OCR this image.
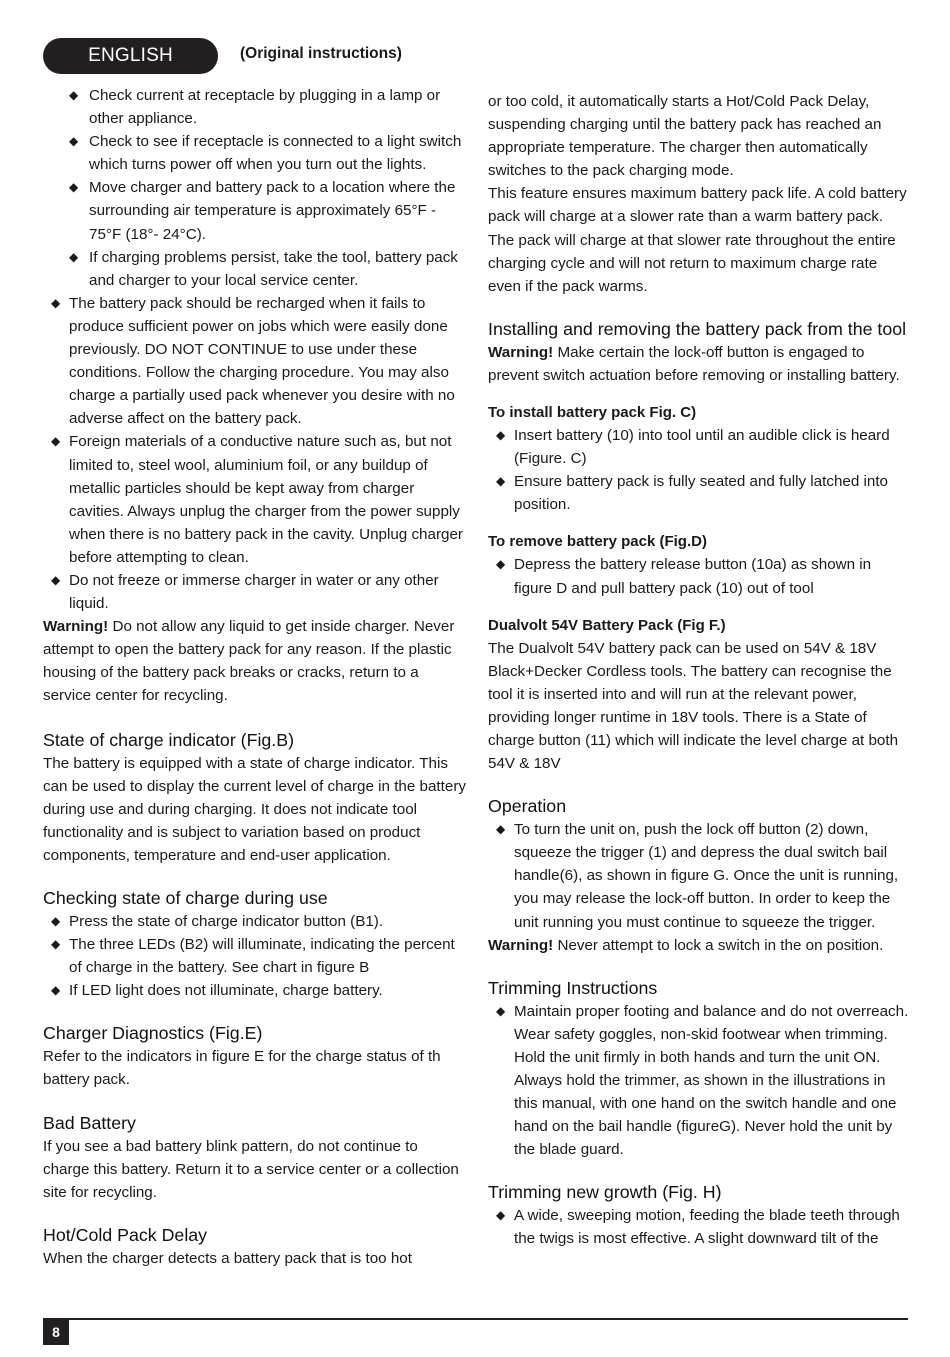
ENGLISH	(Original instructions)
◆ Check current at receptacle by plugging in a lamp or other appliance.
◆ Check to see if receptacle is connected to a light switch which turns power off when you turn out the lights.
◆ Move charger and battery pack to a location where the surrounding air temperature is approximately 65°F - 75°F (18°- 24°C).
◆ If charging problems persist, take the tool, battery pack and charger to your local service center.
◆ The battery pack should be recharged when it fails to produce sufficient power on jobs which were easily done previously. DO NOT CONTINUE to use under these conditions. Follow the charging procedure. You may also charge a partially used pack whenever you desire with no adverse affect on the battery pack.
◆ Foreign materials of a conductive nature such as, but not limited to, steel wool, aluminium foil, or any buildup of metallic particles should be kept away from charger cavities. Always unplug the charger from the power supply when there is no battery pack in the cavity. Unplug charger before attempting to clean.
◆ Do not freeze or immerse charger in water or any other liquid.

Warning! Do not allow any liquid to get inside charger. Never attempt to open the battery pack for any reason. If the plastic housing of the battery pack breaks or cracks, return to a service center for recycling.

State of charge indicator (Fig.B)

The battery is equipped with a state of charge indicator. This can be used to display the current level of charge in the battery during use and during charging. It does not indicate tool functionality and is subject to variation based on product components, temperature and end-user application.

Checking state of charge during use
◆ Press the state of charge indicator button (B1).
◆ The three LEDs (B2) will illuminate, indicating the percent of charge in the battery. See chart in figure B
◆ If LED light does not illuminate, charge battery.
Charger Diagnostics (Fig.E)

Refer to the indicators in figure E for the charge status of th battery pack.

Bad Battery

If you see a bad battery blink pattern, do not continue to charge this battery. Return it to a service center or a collection site for recycling.

Hot/Cold Pack Delay

When the charger detects a battery pack that is too hot

or too cold, it automatically starts a Hot/Cold Pack Delay, suspending charging until the battery pack has reached an appropriate temperature. The charger then automatically switches to the pack charging mode.

This feature ensures maximum battery pack life. A cold battery pack will charge at a slower rate than a warm battery pack. The pack will charge at that slower rate throughout the entire charging cycle and will not return to maximum charge rate even if the pack warms.

Installing and removing the battery pack from the tool

Warning! Make certain the lock-off button is engaged to prevent switch actuation before removing or installing battery.

To install battery pack Fig. C)
◆ Insert battery (10) into tool until an audible click is heard (Figure. C)
◆ Ensure battery pack is fully seated and fully latched into position.
To remove battery pack (Fig.D)
◆ Depress the battery release button (10a) as shown in figure D and pull battery pack (10) out of tool
Dualvolt 54V Battery Pack (Fig F.)

The Dualvolt 54V battery pack can be used on 54V & 18V Black+Decker Cordless tools. The battery can recognise the tool it is inserted into and will run at the relevant power, providing longer runtime in 18V tools. There is a State of charge button (11) which will indicate the level charge at both 54V & 18V

Operation
◆ To turn the unit on, push the lock off button (2) down, squeeze the trigger (1) and depress the dual switch bail handle(6), as shown in figure G. Once the unit is running, you may release the lock-off button. In order to keep the unit running you must continue to squeeze the trigger.

Warning! Never attempt to lock a switch in the on position.

Trimming Instructions
◆ Maintain proper footing and balance and do not overreach. Wear safety goggles, non-skid footwear when trimming. Hold the unit firmly in both hands and turn the unit ON. Always hold the trimmer, as shown in the illustrations in this manual, with one hand on the switch handle and one hand on the bail handle (figureG). Never hold the unit by the blade guard.
Trimming new growth (Fig. H)
◆ A wide, sweeping motion, feeding the blade teeth through the twigs is most effective. A slight downward tilt of the
8
